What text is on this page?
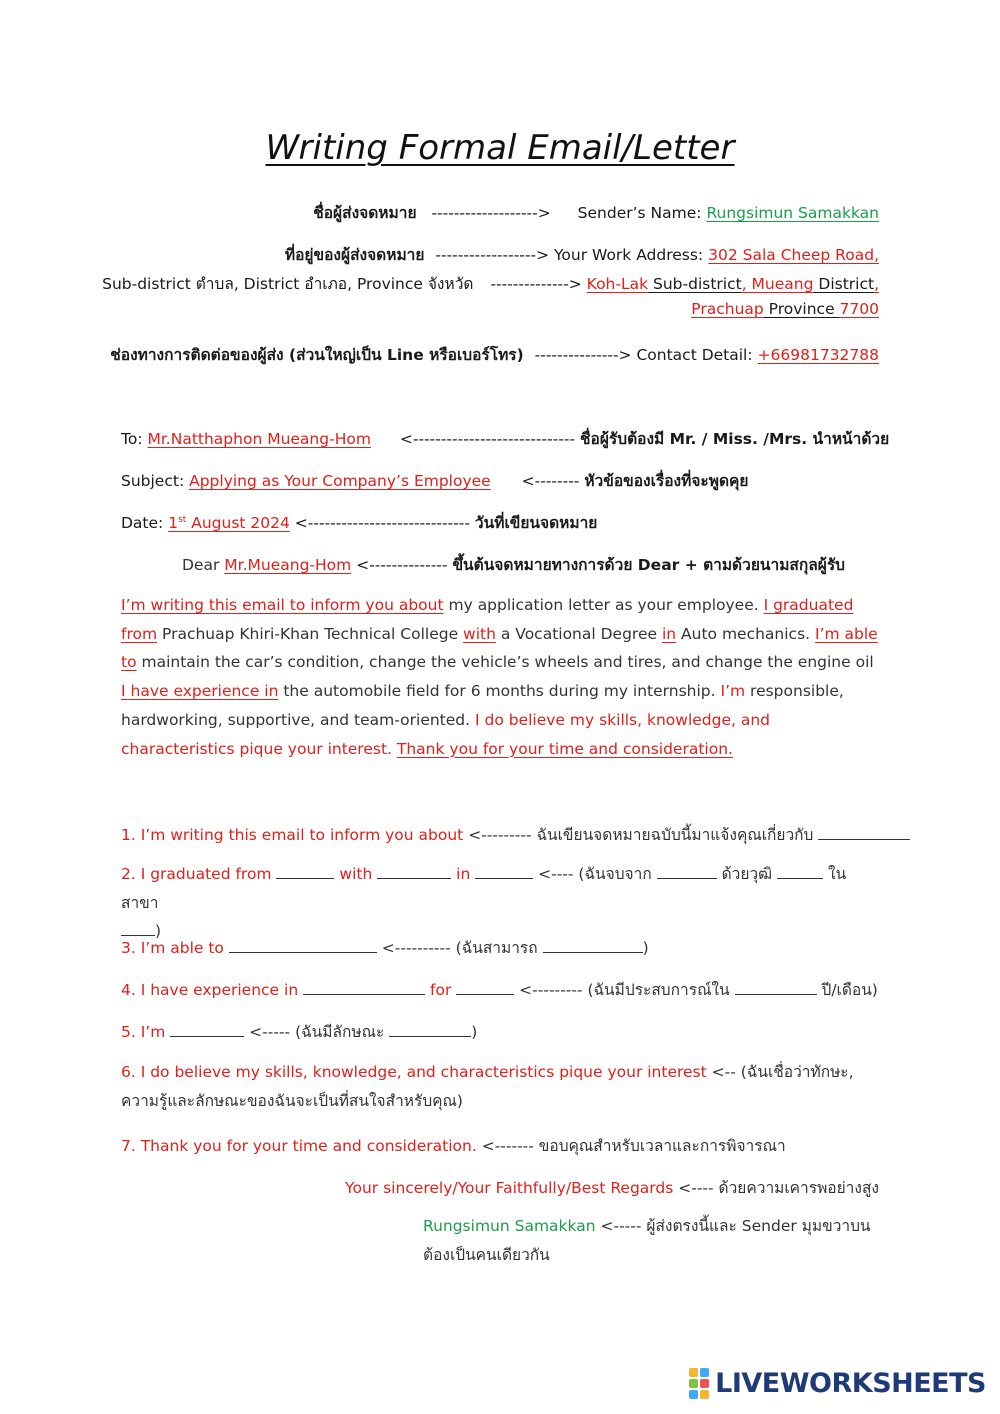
Writing Formal Email/Letter
ชื่อผู้ส่งจดหมาย -------------------> Sender’s Name: Rungsimun Samakkan
ที่อยู่ของผู้ส่งจดหมาย ------------------> Your Work Address: 302 Sala Cheep Road,
Sub-district ตำบล, District อำเภอ, Province จังหวัด --------------> Koh-Lak Sub-district, Mueang District,
Prachuap Province 7700
ช่องทางการติดต่อของผู้ส่ง (ส่วนใหญ่เป็น Line หรือเบอร์โทร) ---------------> Contact Detail: +66981732788
To: Mr.Natthaphon Mueang-Hom <----------------------------- ชื่อผู้รับต้องมี Mr. / Miss. /Mrs. นำหน้าด้วย
Subject: Applying as Your Company’s Employee <-------- หัวข้อของเรื่องที่จะพูดคุย
Date: 1st August 2024 <----------------------------- วันที่เขียนจดหมาย
Dear Mr.Mueang-Hom <-------------- ขึ้นต้นจดหมายทางการด้วย Dear + ตามด้วยนามสกุลผู้รับ
I’m writing this email to inform you about my application letter as your employee. I graduated from Prachuap Khiri-Khan Technical College with a Vocational Degree in Auto mechanics. I’m able to maintain the car’s condition, change the vehicle’s wheels and tires, and change the engine oil I have experience in the automobile field for 6 months during my internship. I’m responsible, hardworking, supportive, and team-oriented. I do believe my skills, knowledge, and characteristics pique your interest. Thank you for your time and consideration.
1. I’m writing this email to inform you about <--------- ฉันเขียนจดหมายฉบับนี้มาแจ้งคุณเกี่ยวกับ
2. I graduated from	with	in	<---- (ฉันจบจาก	ด้วยวุฒิ	ในสาขา
)
3. I’m able to	<---------- (ฉันสามารถ	)
4. I have experience in	for	<--------- (ฉันมีประสบการณ์ใน	ปี/เดือน)
5. I’m	<----- (ฉันมีลักษณะ	)
6. I do believe my skills, knowledge, and characteristics pique your interest <-- (ฉันเชื่อว่าทักษะ, ความรู้และลักษณะของฉันจะเป็นที่สนใจสำหรับคุณ)
7. Thank you for your time and consideration. <------- ขอบคุณสำหรับเวลาและการพิจารณา
Your sincerely/Your Faithfully/Best Regards <---- ด้วยความเคารพอย่างสูง
Rungsimun Samakkan <----- ผู้ส่งตรงนี้และ Sender มุมขวาบนต้องเป็นคนเดียวกัน
LIVEWORKSHEETS
